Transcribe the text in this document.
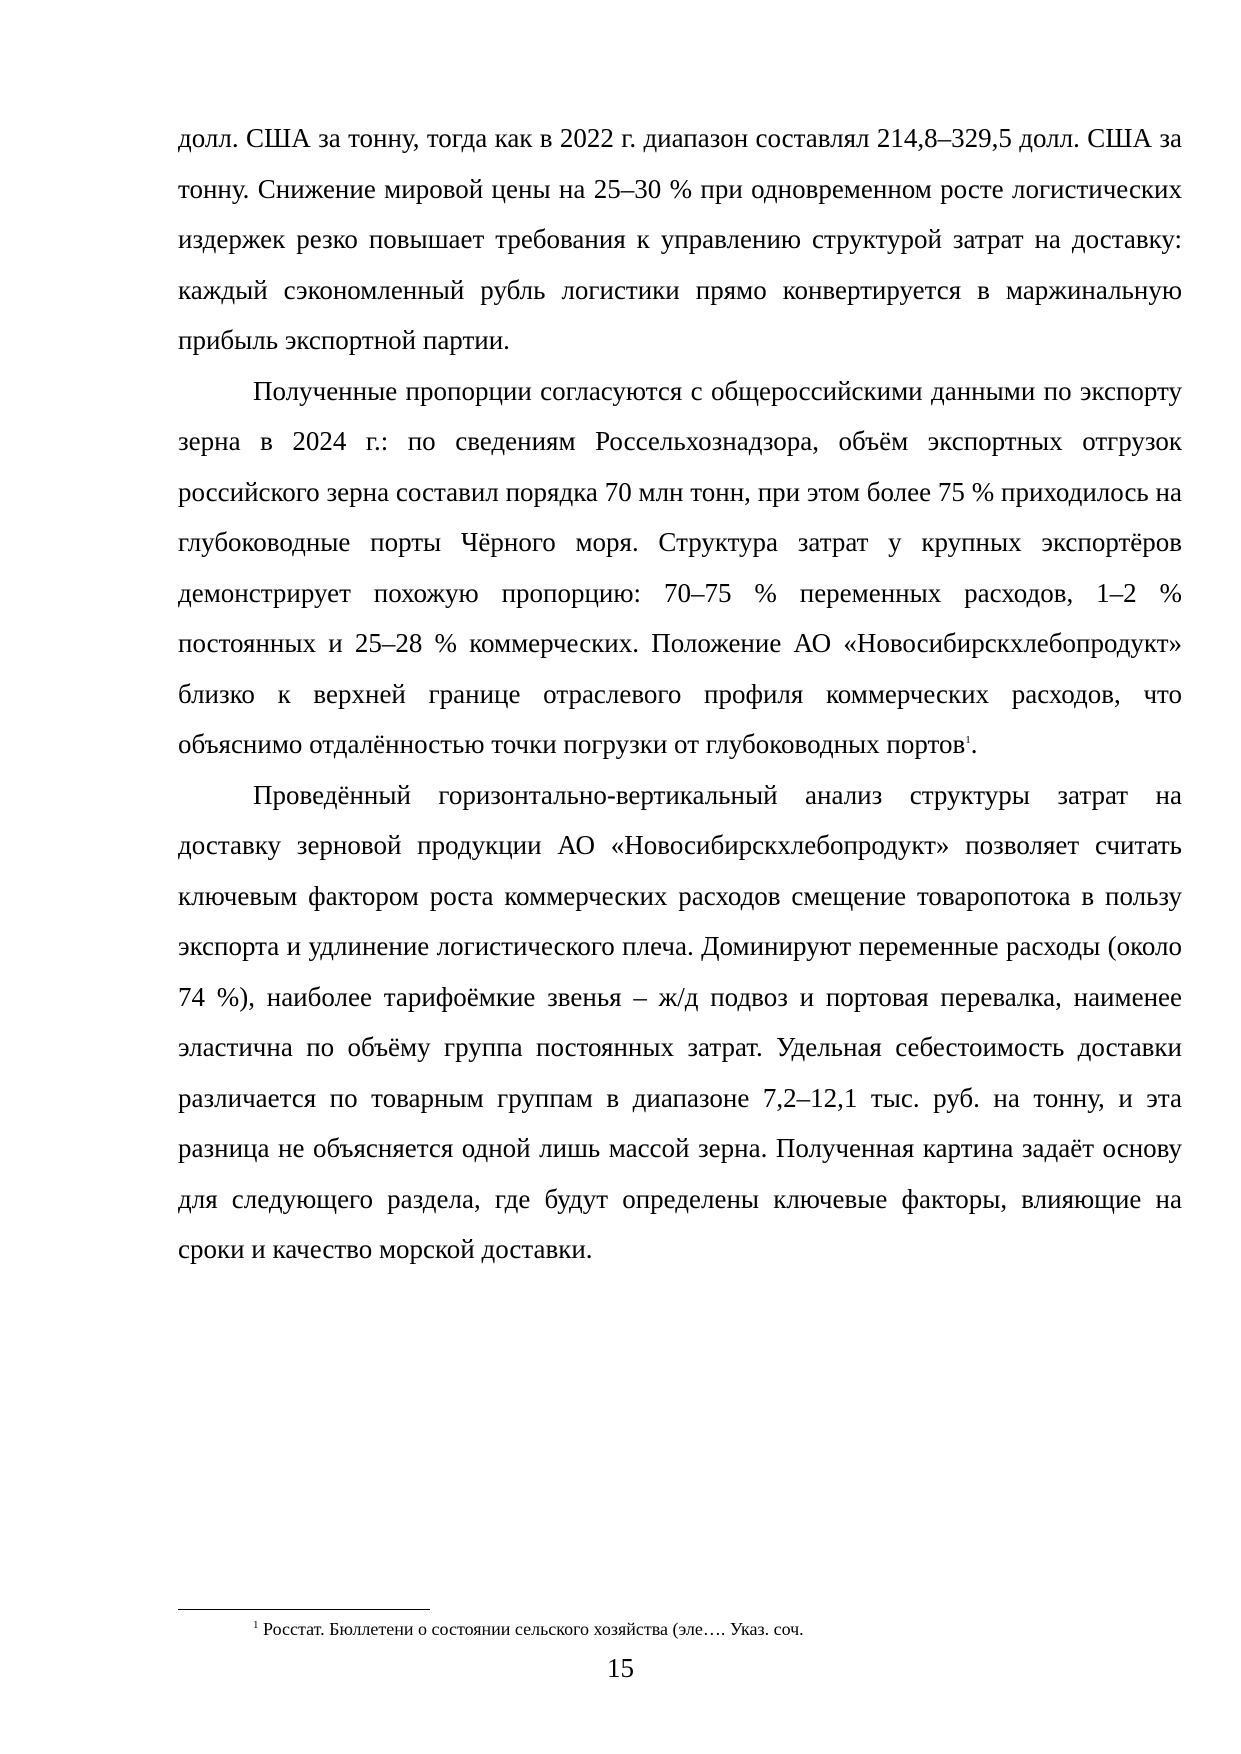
долл. США за тонну, тогда как в 2022 г. диапазон составлял 214,8–329,5 долл. США за тонну. Снижение мировой цены на 25–30 % при одновременном росте логистических издержек резко повышает требования к управлению структурой затрат на доставку: каждый сэкономленный рубль логистики прямо конвертируется в маржинальную прибыль экспортной партии.

Полученные пропорции согласуются с общероссийскими данными по экспорту зерна в 2024 г.: по сведениям Россельхознадзора, объём экспортных отгрузок российского зерна составил порядка 70 млн тонн, при этом более 75 % приходилось на глубоководные порты Чёрного моря. Структура затрат у крупных экспортёров демонстрирует похожую пропорцию: 70–75 % переменных расходов, 1–2 % постоянных и 25–28 % коммерческих. Положение АО «Новосибирскхлебопродукт» близко к верхней границе отраслевого профиля коммерческих расходов, что объяснимо отдалённостью точки погрузки от глубоководных портов$^1$.

Проведённый горизонтально-вертикальный анализ структуры затрат на доставку зерновой продукции АО «Новосибирскхлебопродукт» позволяет считать ключевым фактором роста коммерческих расходов смещение товаропотока в пользу экспорта и удлинение логистического плеча. Доминируют переменные расходы (около 74 %), наиболее тарифоёмкие звенья – ж/д подвоз и портовая перевалка, наименее эластична по объёму группа постоянных затрат. Удельная себестоимость доставки различается по товарным группам в диапазоне 7,2–12,1 тыс. руб. на тонну, и эта разница не объясняется одной лишь массой зерна. Полученная картина задаёт основу для следующего раздела, где будут определены ключевые факторы, влияющие на сроки и качество морской доставки.

$^1$ Росстат. Бюллетени о состоянии сельского хозяйства (эле…. Указ. соч.
15
